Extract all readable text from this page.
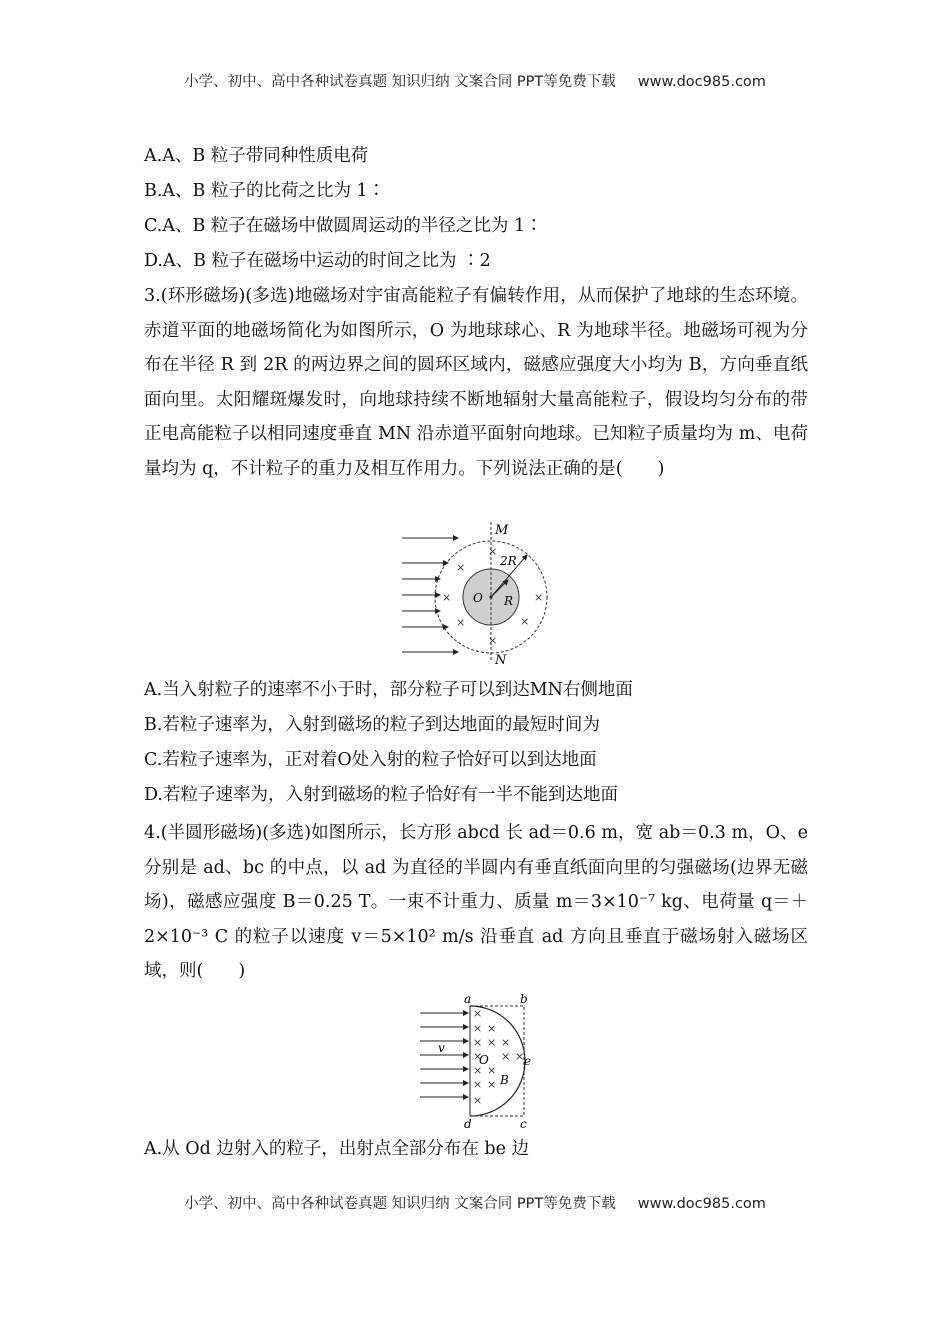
小学、初中、高中各种试卷真题 知识归纳 文案合同 PPT等免费下载 www.doc985.com
A.A、B 粒子带同种性质电荷
B.A、B 粒子的比荷之比为 1∶
C.A、B 粒子在磁场中做圆周运动的半径之比为 1∶
D.A、B 粒子在磁场中运动的时间之比为 ∶2
3.(环形磁场)(多选)地磁场对宇宙高能粒子有偏转作用，从而保护了地球的生态环境。赤道平面的地磁场简化为如图所示，O 为地球球心、R 为地球半径。地磁场可视为分布在半径 R 到 2R 的两边界之间的圆环区域内，磁感应强度大小均为 B，方向垂直纸面向里。太阳耀斑爆发时，向地球持续不断地辐射大量高能粒子，假设均匀分布的带正电高能粒子以相同速度垂直 MN 沿赤道平面射向地球。已知粒子质量均为 m、电荷量均为 q，不计粒子的重力及相互作用力。下列说法正确的是(　　)
A.当入射粒子的速率不小于时，部分粒子可以到达MN右侧地面
B.若粒子速率为，入射到磁场的粒子到达地面的最短时间为
C.若粒子速率为，正对着O处入射的粒子恰好可以到达地面
D.若粒子速率为，入射到磁场的粒子恰好有一半不能到达地面
4.(半圆形磁场)(多选)如图所示，长方形 abcd 长 ad＝0.6 m，宽 ab＝0.3 m，O、e 分别是 ad、bc 的中点，以 ad 为直径的半圆内有垂直纸面向里的匀强磁场(边界无磁场)，磁感应强度 B＝0.25 T。一束不计重力、质量 m＝3×10⁻⁷ kg、电荷量 q＝＋2×10⁻³ C 的粒子以速度 v＝5×10² m/s 沿垂直 ad 方向且垂直于磁场射入磁场区域，则(　　)
A.从 Od 边射入的粒子，出射点全部分布在 be 边
M
N
O R
2R
×
×
×
×
×
×
×
a	b
c
d
e
O
B
v
×
× ×
× × ×
× × ×
× ×
× ×
×
小学、初中、高中各种试卷真题 知识归纳 文案合同 PPT等免费下载 www.doc985.com
